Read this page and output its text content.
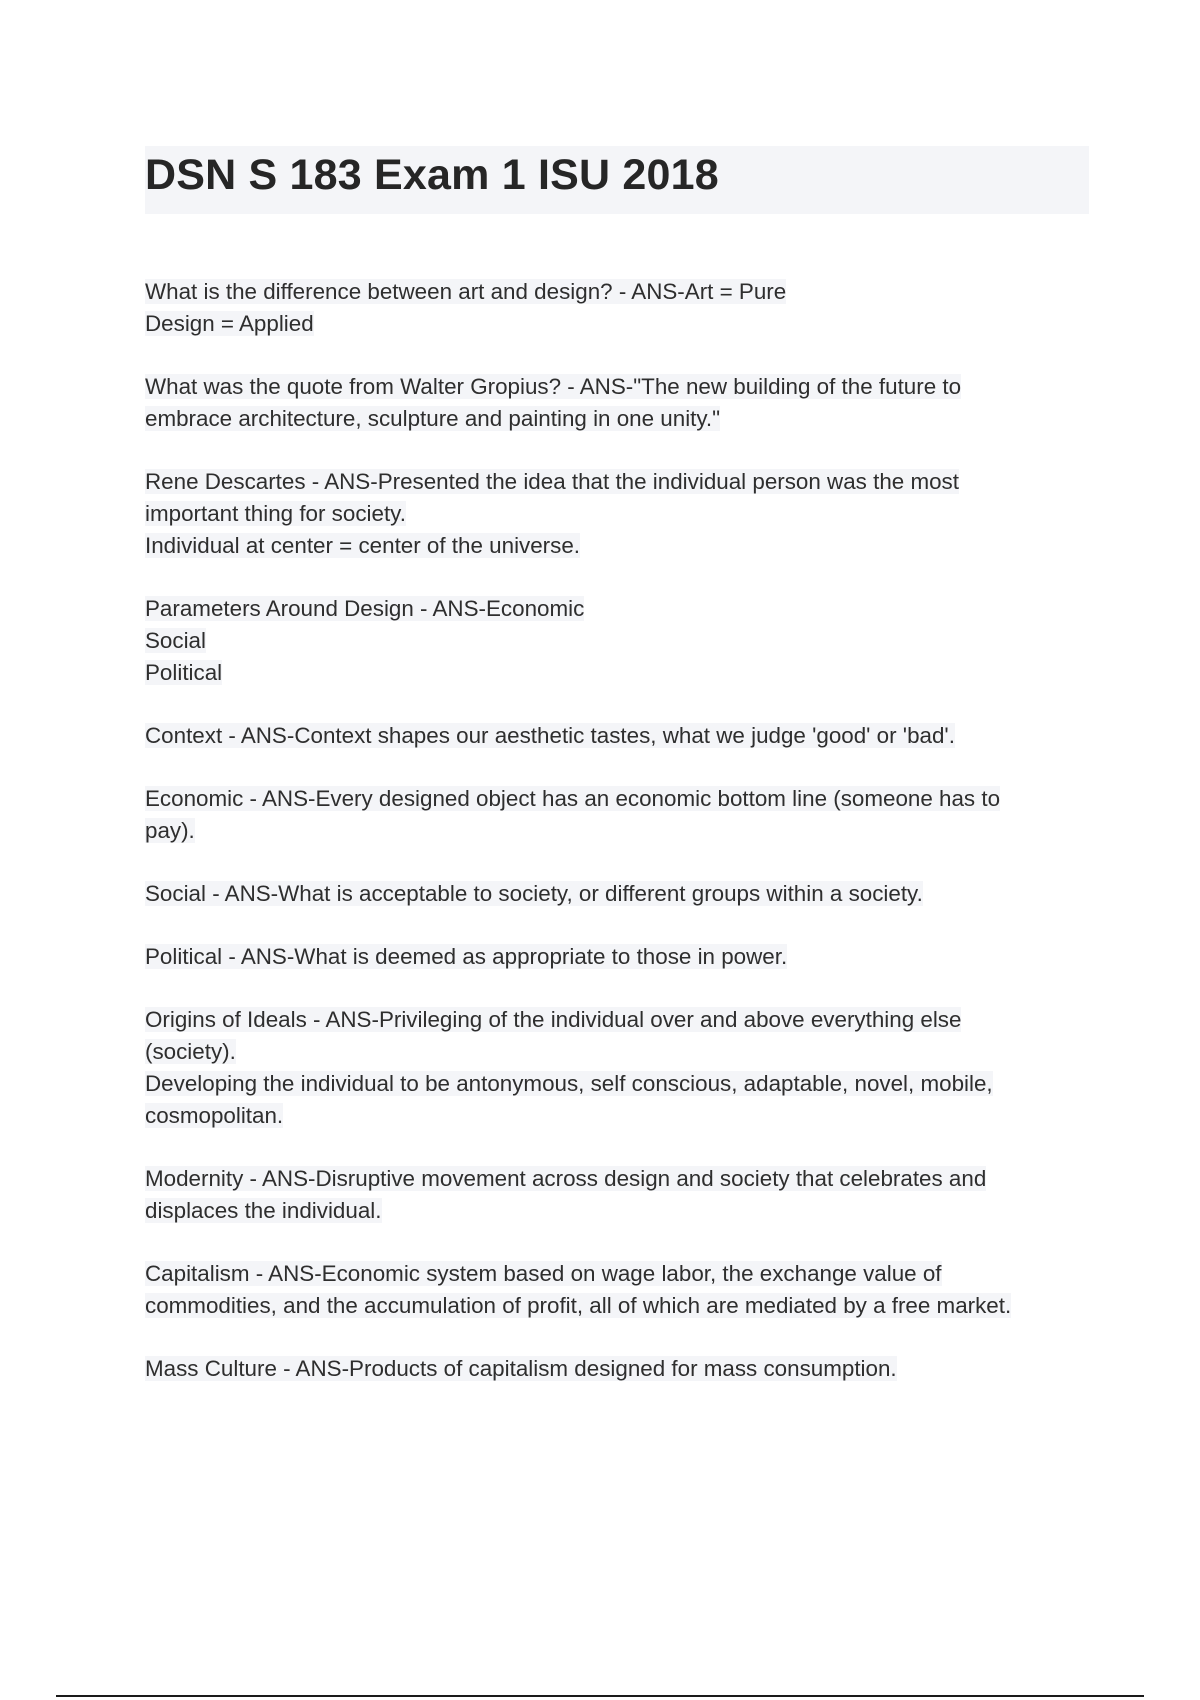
DSN S 183 Exam 1 ISU 2018
What is the difference between art and design? - ANS-Art = Pure
Design = Applied
What was the quote from Walter Gropius? - ANS-"The new building of the future to
embrace architecture, sculpture and painting in one unity."
Rene Descartes - ANS-Presented the idea that the individual person was the most
important thing for society.
Individual at center = center of the universe.
Parameters Around Design - ANS-Economic
Social
Political
Context - ANS-Context shapes our aesthetic tastes, what we judge 'good' or 'bad'.
Economic - ANS-Every designed object has an economic bottom line (someone has to
pay).
Social - ANS-What is acceptable to society, or different groups within a society.
Political - ANS-What is deemed as appropriate to those in power.
Origins of Ideals - ANS-Privileging of the individual over and above everything else
(society).
Developing the individual to be antonymous, self conscious, adaptable, novel, mobile,
cosmopolitan.
Modernity - ANS-Disruptive movement across design and society that celebrates and
displaces the individual.
Capitalism - ANS-Economic system based on wage labor, the exchange value of
commodities, and the accumulation of profit, all of which are mediated by a free market.
Mass Culture - ANS-Products of capitalism designed for mass consumption.
